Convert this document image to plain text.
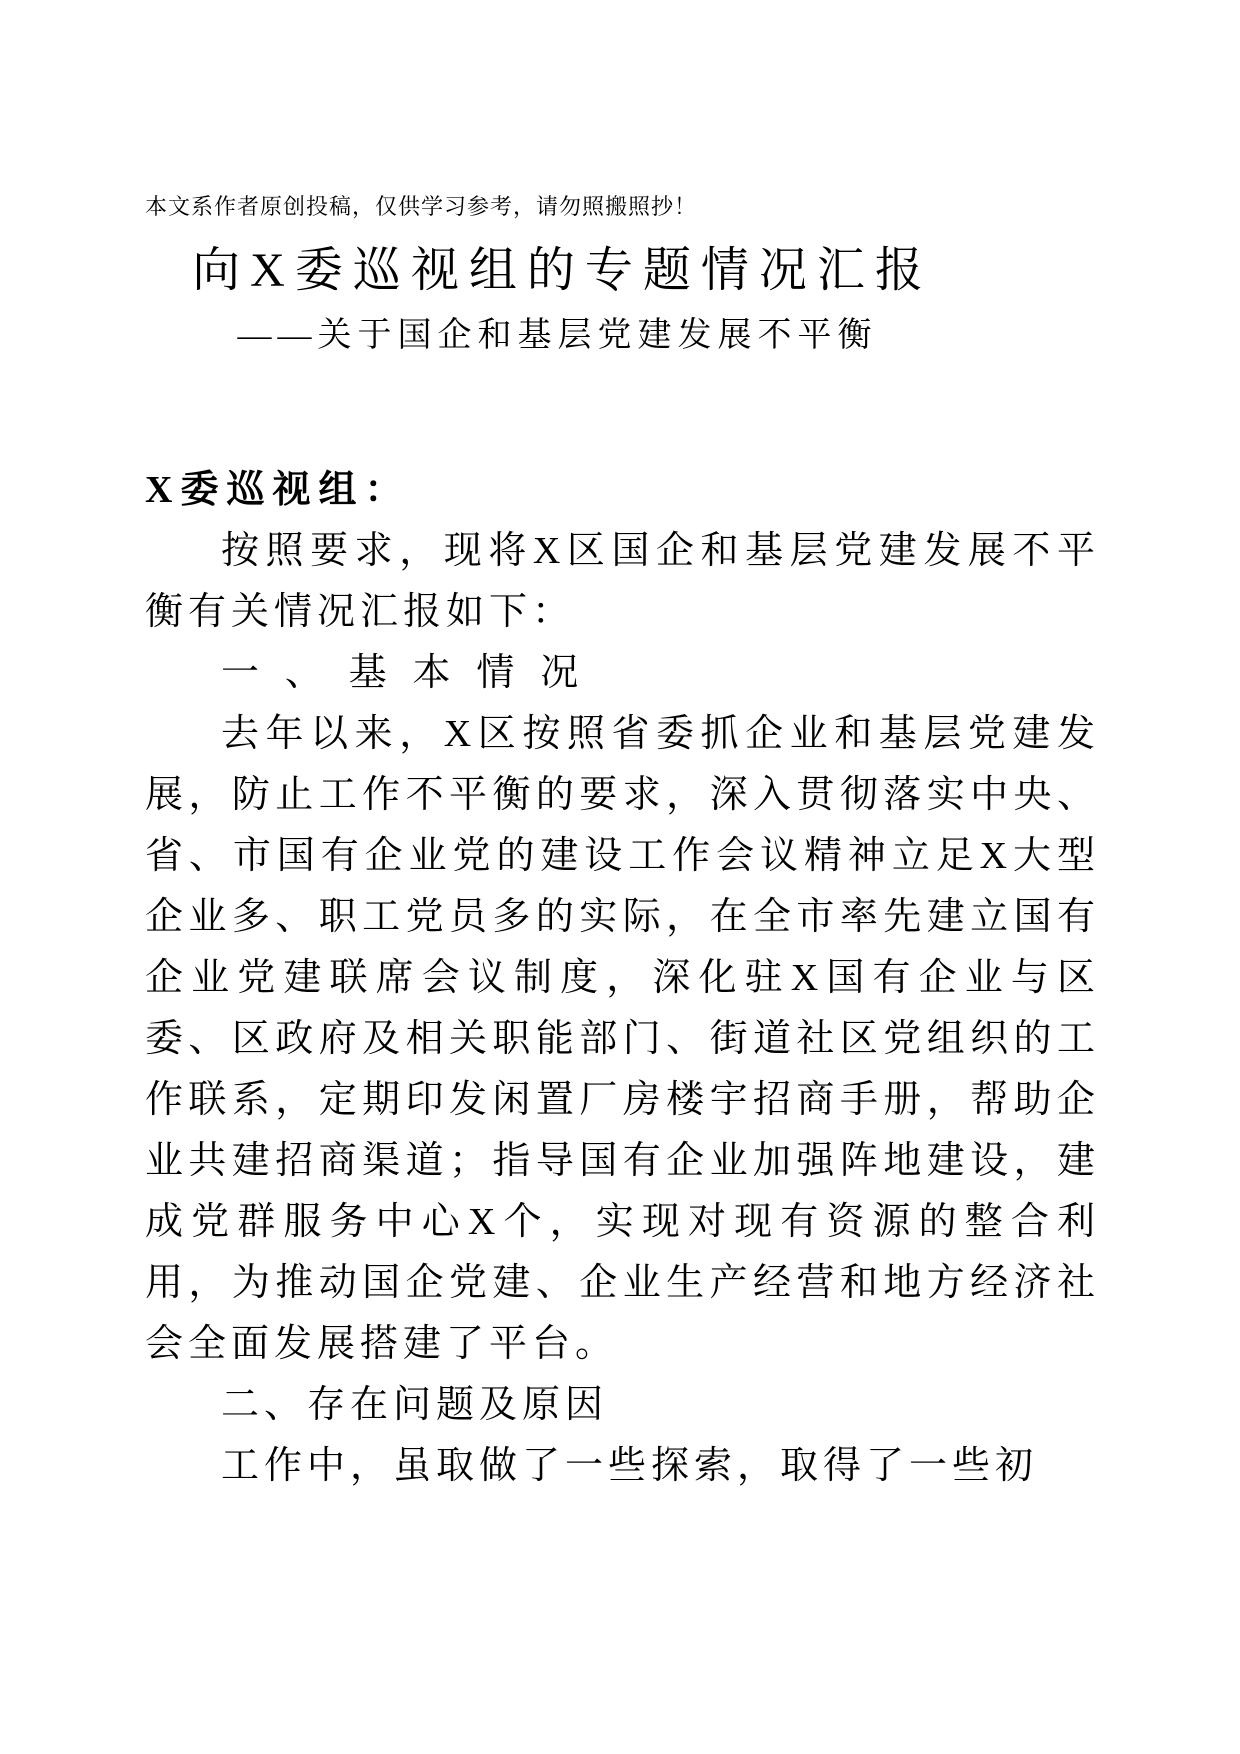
本文系作者原创投稿，仅供学习参考，请勿照搬照抄！

向X委巡视组的专题情况汇报
——关于国企和基层党建发展不平衡

X委巡视组：

按照要求，现将X区国企和基层党建发展不平衡有关情况汇报如下：

一、基本情况

去年以来，X区按照省委抓企业和基层党建发展，防止工作不平衡的要求，深入贯彻落实中央、省、市国有企业党的建设工作会议精神立足X大型企业多、职工党员多的实际，在全市率先建立国有企业党建联席会议制度，深化驻X国有企业与区委、区政府及相关职能部门、街道社区党组织的工作联系，定期印发闲置厂房楼宇招商手册，帮助企业共建招商渠道；指导国有企业加强阵地建设，建成党群服务中心X个，实现对现有资源的整合利用，为推动国企党建、企业生产经营和地方经济社会全面发展搭建了平台。

二、存在问题及原因

工作中，虽取做了一些探索，取得了一些初
